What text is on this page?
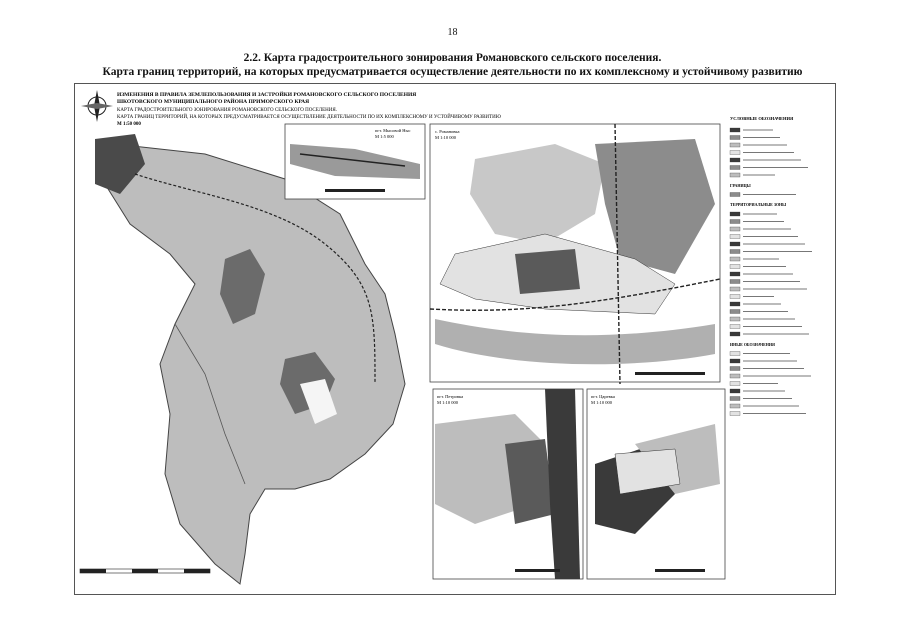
18
2.2. Карта градостроительного зонирования Романовского сельского поселения.
Карта границ территорий, на которых предусматривается осуществление деятельности по их комплексному и устойчивому развитию
ИЗМЕНЕНИЯ В ПРАВИЛА ЗЕМЛЕПОЛЬЗОВАНИЯ И ЗАСТРОЙКИ РОМАНОВСКОГО СЕЛЬСКОГО ПОСЕЛЕНИЯ
ШКОТОВСКОГО МУНИЦИПАЛЬНОГО РАЙОНА ПРИМОРСКОГО КРАЯ
КАРТА ГРАДОСТРОИТЕЛЬНОГО ЗОНИРОВАНИЯ РОМАНОВСКОГО СЕЛЬСКОГО ПОСЕЛЕНИЯ.
КАРТА ГРАНИЦ ТЕРРИТОРИЙ, НА КОТОРЫХ ПРЕДУСМАТРИВАЕТСЯ ОСУЩЕСТВЛЕНИЕ ДЕЯТЕЛЬНОСТИ ПО ИХ КОМПЛЕКСНОМУ И УСТОЙЧИВОМУ РАЗВИТИЮ
М 1:50 000
пгт. Мысовой Ныс
М 1:5 000
с. Романовка
М 1:10 000
УСЛОВНЫЕ ОБОЗНАЧЕНИЯ
ГРАНИЦЫ
ТЕРРИТОРИАЛЬНЫЕ ЗОНЫ
ИНЫЕ ОБОЗНАЧЕНИЯ
пгт. Петровка
М 1:10 000
пгт. Царевка
М 1:10 000
